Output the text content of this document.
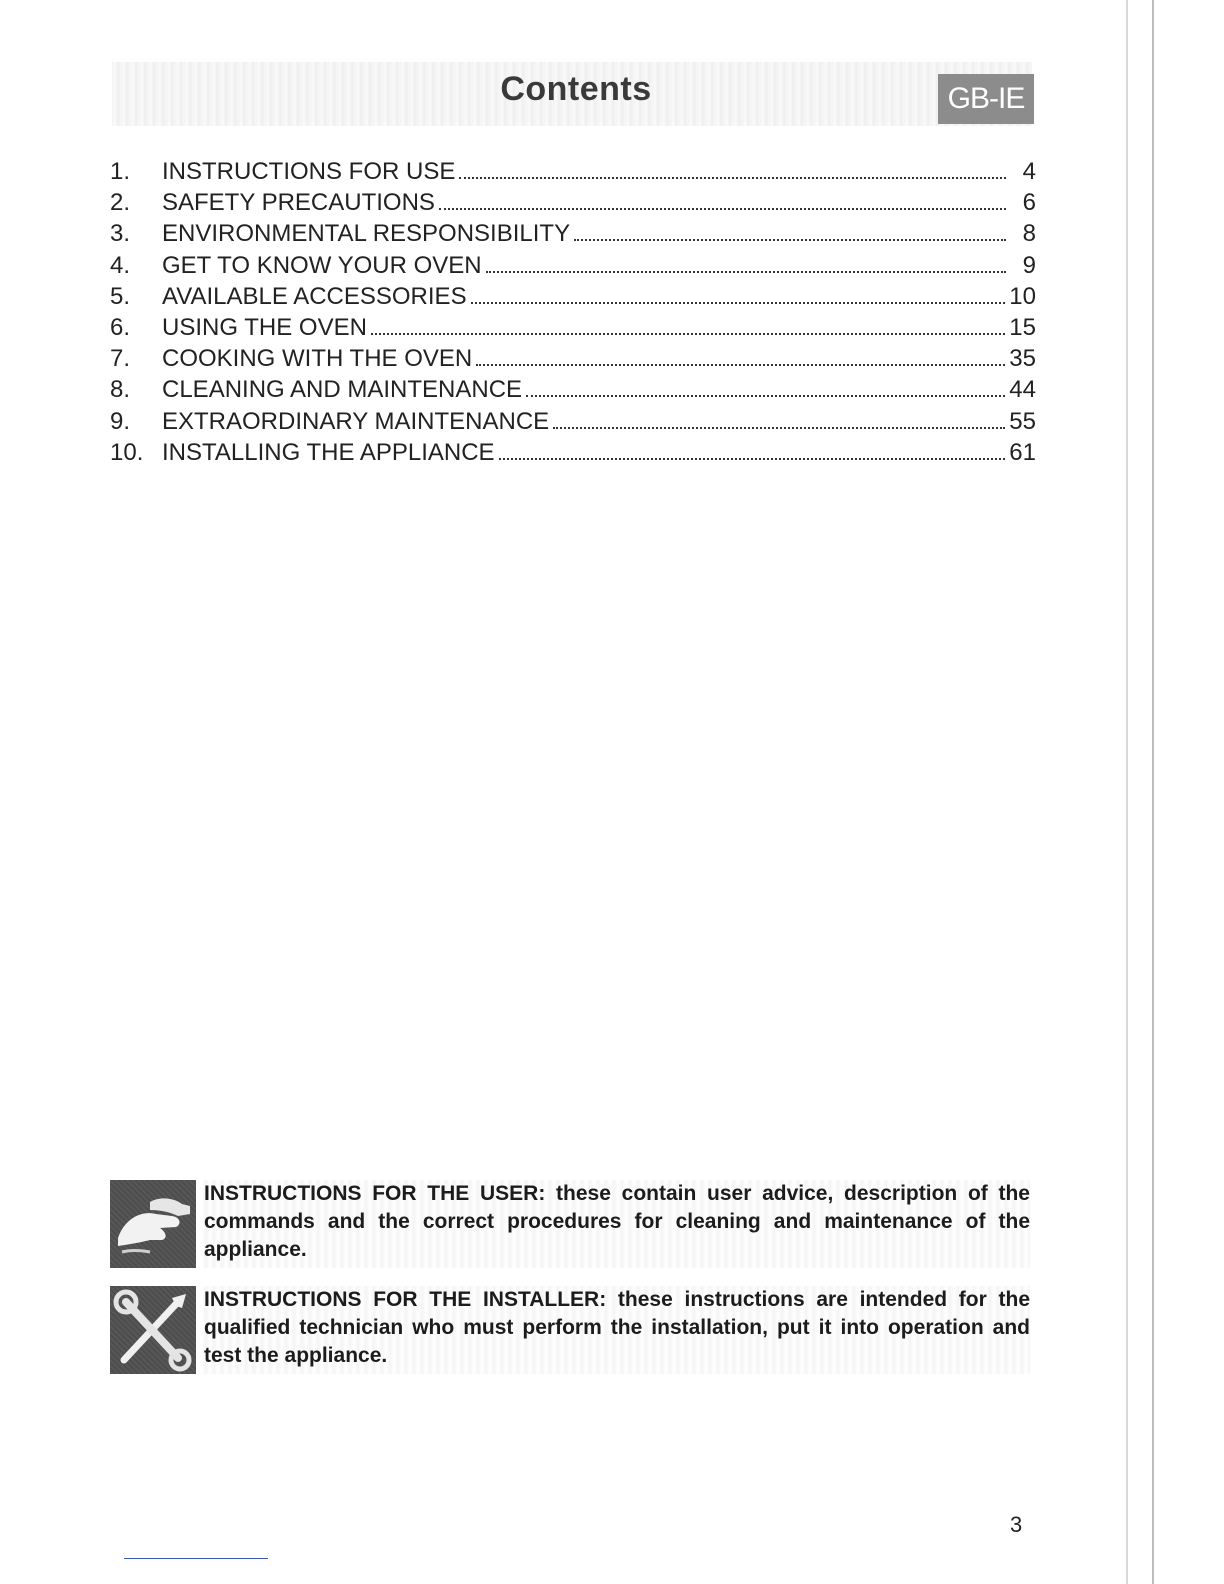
Contents	GB-IE
1.	INSTRUCTIONS FOR USE	4
2.	SAFETY PRECAUTIONS	6
3.	ENVIRONMENTAL RESPONSIBILITY	8
4.	GET TO KNOW YOUR OVEN	9
5.	AVAILABLE ACCESSORIES	10
6.	USING THE OVEN	15
7.	COOKING WITH THE OVEN	35
8.	CLEANING AND MAINTENANCE	44
9.	EXTRAORDINARY MAINTENANCE	55
10. INSTALLING THE APPLIANCE	61

INSTRUCTIONS FOR THE USER: these contain user advice, description of the commands and the correct procedures for cleaning and maintenance of the appliance.

INSTRUCTIONS FOR THE INSTALLER: these instructions are intended for the qualified technician who must perform the installation, put it into operation and test the appliance.

3
